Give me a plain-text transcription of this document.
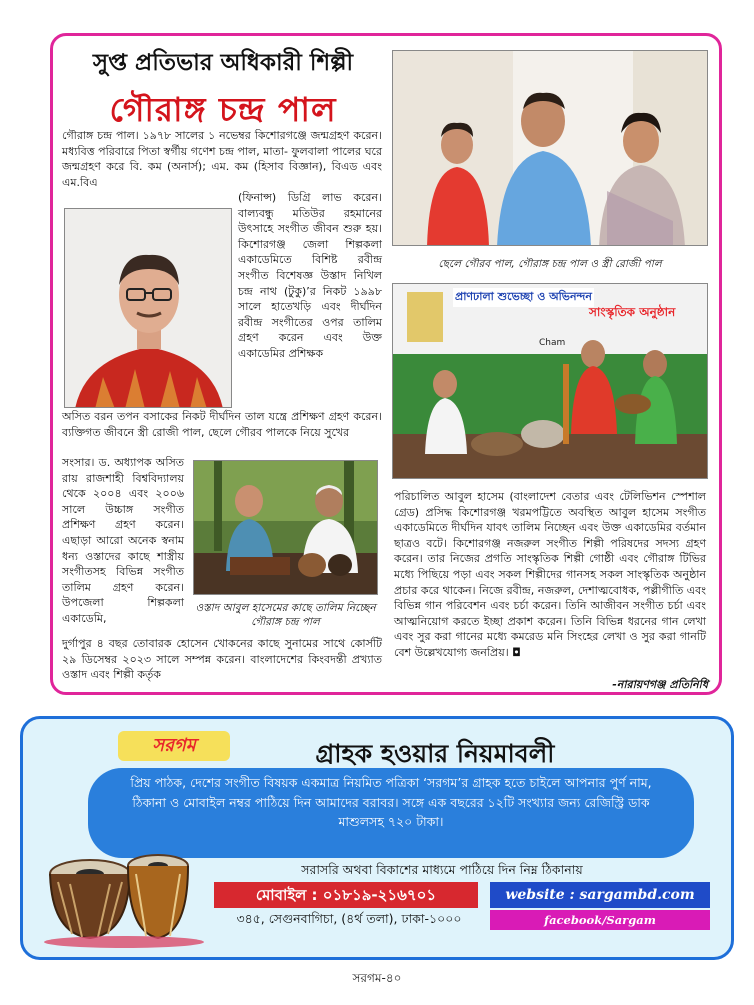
সুপ্ত প্রতিভার অধিকারী শিল্পী
গৌরাঙ্গ চন্দ্র পাল
গৌরাঙ্গ চন্দ্র পাল। ১৯৭৮ সালের ১ নভেম্বর কিশোরগঞ্জে জন্মগ্রহণ করেন। মধ্যবিত্ত পরিবারে পিতা স্বর্গীয় গণেশ চন্দ্র পাল, মাতা- ফুলবালা পালের ঘরে জন্মগ্রহণ করে বি. কম (অনার্স); এম. কম (হিসাব বিজ্ঞান), বিএড এবং এম.বিএ
(ফিনান্স) ডিগ্রি লাভ করেন। বাল্যবন্ধু মতিউর রহমানের উৎসাহে সংগীত জীবন শুরু হয়। কিশোরগঞ্জ জেলা শিল্পকলা একাডেমিতে বিশিষ্ট রবীন্দ্র সংগীত বিশেষজ্ঞ উস্তাদ নিখিল চন্দ্র নাথ (টুকু)’র নিকট ১৯৯৮ সালে হাতেখড়ি এবং দীর্ঘদিন রবীন্দ্র সংগীতের ওপর তালিম গ্রহণ করেন এবং উক্ত একাডেমির প্রশিক্ষক
অসিত বরন তপন বসাকের নিকট দীর্ঘদিন তাল যন্ত্রে প্রশিক্ষণ গ্রহণ করেন। ব্যক্তিগত জীবনে স্ত্রী রোজী পাল, ছেলে গৌরব পালকে নিয়ে সুখের
সংসার। ড. অধ্যাপক অসিত রায় রাজশাহী বিশ্ববিদ্যালয় থেকে ২০০৪ এবং ২০০৬ সালে উচ্চাঙ্গ সংগীত প্রশিক্ষণ গ্রহণ করেন। এছাড়া আরো অনেক স্বনাম ধন্য ওস্তাদের কাছে শাস্ত্রীয় সংগীতসহ বিভিন্ন সংগীত তালিম গ্রহণ করেন। উপজেলা শিল্পকলা একাডেমি,
ওস্তাদ আবুল হাসেমের কাছে তালিম নিচ্ছেন গৌরাঙ্গ চন্দ্র পাল
দুর্গাপুর ৪ বছর তোবারক হোসেন খোকনের কাছে সুনামের সাথে কোর্সটি ২৯ ডিসেম্বর ২০২৩ সালে সম্পন্ন করেন। বাংলাদেশের কিংবদন্তী প্রখ্যাত ওস্তাদ এবং শিল্পী কর্তৃক
ছেলে গৌরব পাল, গৌরাঙ্গ চন্দ্র পাল ও স্ত্রী রোজী পাল
প্রাণঢালা শুভেচ্ছা ও অভিনন্দন
সাংস্কৃতিক অনুষ্ঠান
Cham
পরিচালিত আবুল হাসেম (বাংলাদেশ বেতার এবং টেলিভিশন স্পেশাল গ্রেড) প্রসিদ্ধ কিশোরগঞ্জ খরমপট্টিতে অবস্থিত আবুল হাসেম সংগীত একাডেমিতে দীর্ঘদিন যাবৎ তালিম নিচ্ছেন এবং উক্ত একাডেমির বর্তমান ছাত্রও বটে। কিশোরগঞ্জ নজরুল সংগীত শিল্পী পরিষদের সদস্য গ্রহণ করেন। তার নিজের প্রগতি সাংস্কৃতিক শিল্পী গোষ্ঠী এবং গৌরাঙ্গ টিভির মধ্যে পিছিয়ে পড়া এবং সকল শিল্পীদের গানসহ সকল সাংস্কৃতিক অনুষ্ঠান প্রচার করে থাকেন। নিজে রবীন্দ্র, নজরুল, দেশাত্মবোধক, পল্লীগীতি এবং বিভিন্ন গান পরিবেশন এবং চর্চা করেন। তিনি আজীবন সংগীত চর্চা এবং আত্মনিয়োগ করতে ইচ্ছা প্রকাশ করেন। তিনি বিভিন্ন ধরনের গান লেখা এবং সুর করা গানের মধ্যে কমরেড মনি সিংহের লেখা ও সুর করা গানটি বেশ উল্লেখযোগ্য জনপ্রিয়। ◘
-নারায়ণগঞ্জ প্রতিনিধি
সরগম	গ্রাহক হওয়ার নিয়মাবলী
প্রিয় পাঠক, দেশের সংগীত বিষয়ক একমাত্র নিয়মিত পত্রিকা ‘সরগম’র গ্রাহক হতে চাইলে আপনার পুর্ণ নাম, ঠিকানা ও মোবাইল নম্বর পাঠিয়ে দিন আমাদের বরাবর। সঙ্গে এক বছরের ১২টি সংখ্যার জন্য রেজিস্ট্রি ডাক মাশুলসহ ৭২০ টাকা।
সরাসরি অথবা বিকাশের মাধ্যমে পাঠিয়ে দিন নিম্ন ঠিকানায়
মোবাইল : ০১৮১৯-২১৬৭০১	website : sargambd.com
facebook/Sargam
৩৪৫, সেগুনবাগিচা, (৪র্থ তলা), ঢাকা-১০০০
সরগম-৪০
